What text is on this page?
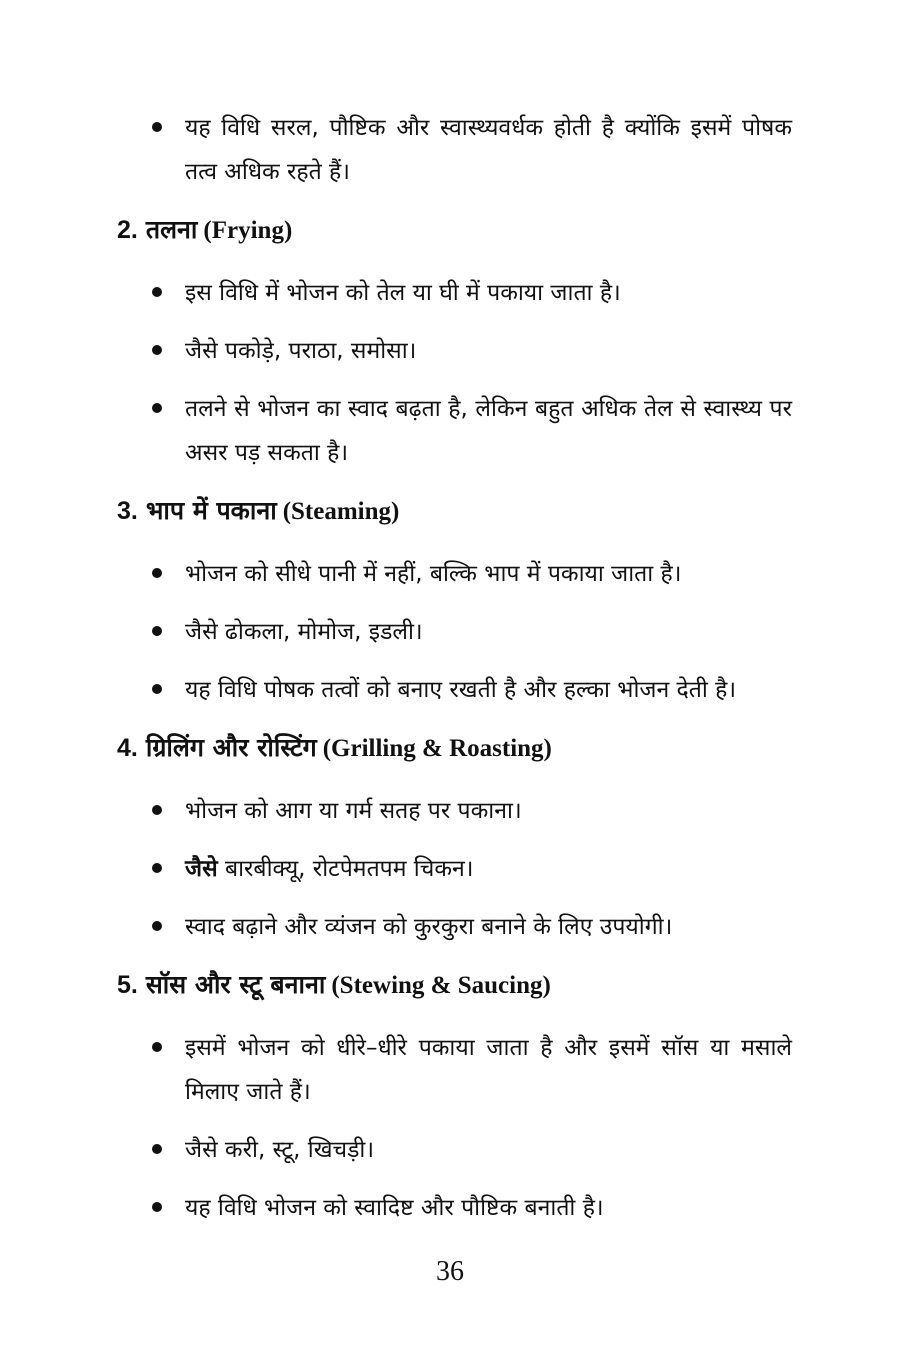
यह विधि सरल, पौष्टिक और स्वास्थ्यवर्धक होती है क्योंकि इसमें पोषक तत्व अधिक रहते हैं।
2. तलना (Frying)
इस विधि में भोजन को तेल या घी में पकाया जाता है।
जैसे पकोड़े, पराठा, समोसा।
तलने से भोजन का स्वाद बढ़ता है, लेकिन बहुत अधिक तेल से स्वास्थ्य पर असर पड़ सकता है।
3. भाप में पकाना (Steaming)
भोजन को सीधे पानी में नहीं, बल्कि भाप में पकाया जाता है।
जैसे ढोकला, मोमोज, इडली।
यह विधि पोषक तत्वों को बनाए रखती है और हल्का भोजन देती है।
4. ग्रिलिंग और रोस्टिंग (Grilling & Roasting)
भोजन को आग या गर्म सतह पर पकाना।
जैसे बारबीक्यू, रोटपेमतपम चिकन।
स्वाद बढ़ाने और व्यंजन को कुरकुरा बनाने के लिए उपयोगी।
5. सॉस और स्टू बनाना (Stewing & Saucing)
इसमें भोजन को धीरे–धीरे पकाया जाता है और इसमें सॉस या मसाले मिलाए जाते हैं।
जैसे करी, स्टू, खिचड़ी।
यह विधि भोजन को स्वादिष्ट और पौष्टिक बनाती है।
36
